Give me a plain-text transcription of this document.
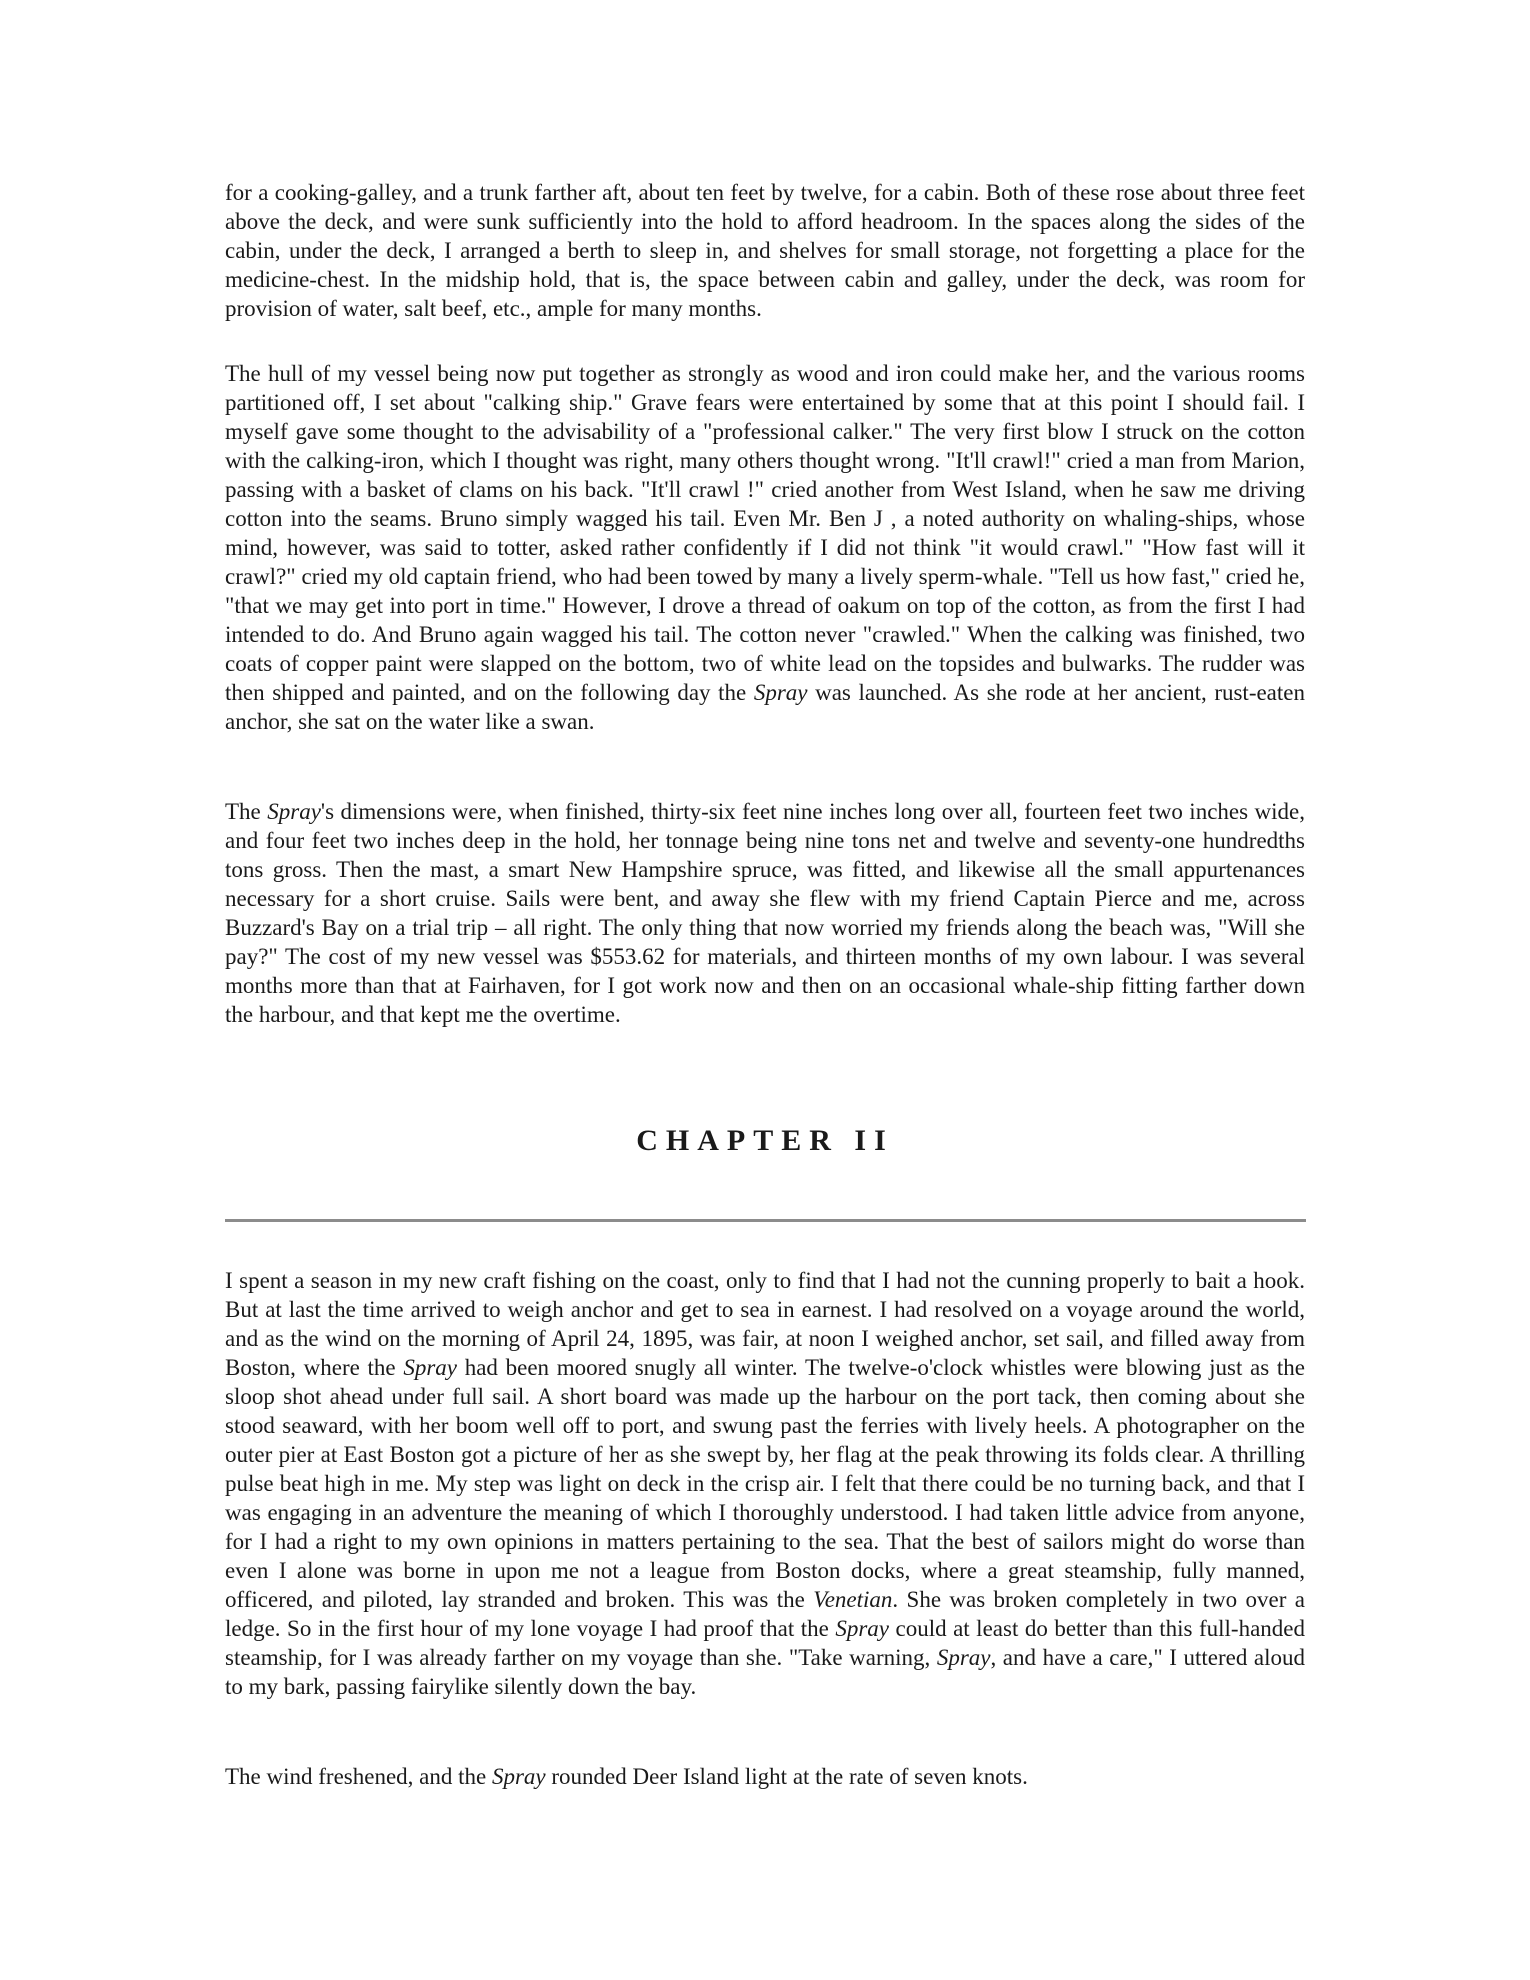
for a cooking-galley, and a trunk farther aft, about ten feet by twelve, for a cabin. Both of these rose about three feet above the deck, and were sunk sufficiently into the hold to afford headroom. In the spaces along the sides of the cabin, under the deck, I arranged a berth to sleep in, and shelves for small storage, not forgetting a place for the medicine-chest. In the midship hold, that is, the space between cabin and galley, under the deck, was room for provision of water, salt beef, etc., ample for many months.

The hull of my vessel being now put together as strongly as wood and iron could make her, and the various rooms partitioned off, I set about "calking ship." Grave fears were entertained by some that at this point I should fail. I myself gave some thought to the advisability of a "professional calker." The very first blow I struck on the cotton with the calking-iron, which I thought was right, many others thought wrong. "It'll crawl!" cried a man from Marion, passing with a basket of clams on his back. "It'll crawl !" cried another from West Island, when he saw me driving cotton into the seams. Bruno simply wagged his tail. Even Mr. Ben J , a noted authority on whaling-ships, whose mind, however, was said to totter, asked rather confidently if I did not think "it would crawl." "How fast will it crawl?" cried my old captain friend, who had been towed by many a lively sperm-whale. "Tell us how fast," cried he, "that we may get into port in time." However, I drove a thread of oakum on top of the cotton, as from the first I had intended to do. And Bruno again wagged his tail. The cotton never "crawled." When the calking was finished, two coats of copper paint were slapped on the bottom, two of white lead on the topsides and bulwarks. The rudder was then shipped and painted, and on the following day the Spray was launched. As she rode at her ancient, rust-eaten anchor, she sat on the water like a swan.

The Spray's dimensions were, when finished, thirty-six feet nine inches long over all, fourteen feet two inches wide, and four feet two inches deep in the hold, her tonnage being nine tons net and twelve and seventy-one hundredths tons gross. Then the mast, a smart New Hampshire spruce, was fitted, and likewise all the small appurtenances necessary for a short cruise. Sails were bent, and away she flew with my friend Captain Pierce and me, across Buzzard's Bay on a trial trip – all right. The only thing that now worried my friends along the beach was, "Will she pay?" The cost of my new vessel was $553.62 for materials, and thirteen months of my own labour. I was several months more than that at Fairhaven, for I got work now and then on an occasional whale-ship fitting farther down the harbour, and that kept me the overtime.

CHAPTER II

I spent a season in my new craft fishing on the coast, only to find that I had not the cunning properly to bait a hook. But at last the time arrived to weigh anchor and get to sea in earnest. I had resolved on a voyage around the world, and as the wind on the morning of April 24, 1895, was fair, at noon I weighed anchor, set sail, and filled away from Boston, where the Spray had been moored snugly all winter. The twelve-o'clock whistles were blowing just as the sloop shot ahead under full sail. A short board was made up the harbour on the port tack, then coming about she stood seaward, with her boom well off to port, and swung past the ferries with lively heels. A photographer on the outer pier at East Boston got a picture of her as she swept by, her flag at the peak throwing its folds clear. A thrilling pulse beat high in me. My step was light on deck in the crisp air. I felt that there could be no turning back, and that I was engaging in an adventure the meaning of which I thoroughly understood. I had taken little advice from anyone, for I had a right to my own opinions in matters pertaining to the sea. That the best of sailors might do worse than even I alone was borne in upon me not a league from Boston docks, where a great steamship, fully manned, officered, and piloted, lay stranded and broken. This was the Venetian. She was broken completely in two over a ledge. So in the first hour of my lone voyage I had proof that the Spray could at least do better than this full-handed steamship, for I was already farther on my voyage than she. "Take warning, Spray, and have a care," I uttered aloud to my bark, passing fairylike silently down the bay.

The wind freshened, and the Spray rounded Deer Island light at the rate of seven knots.
